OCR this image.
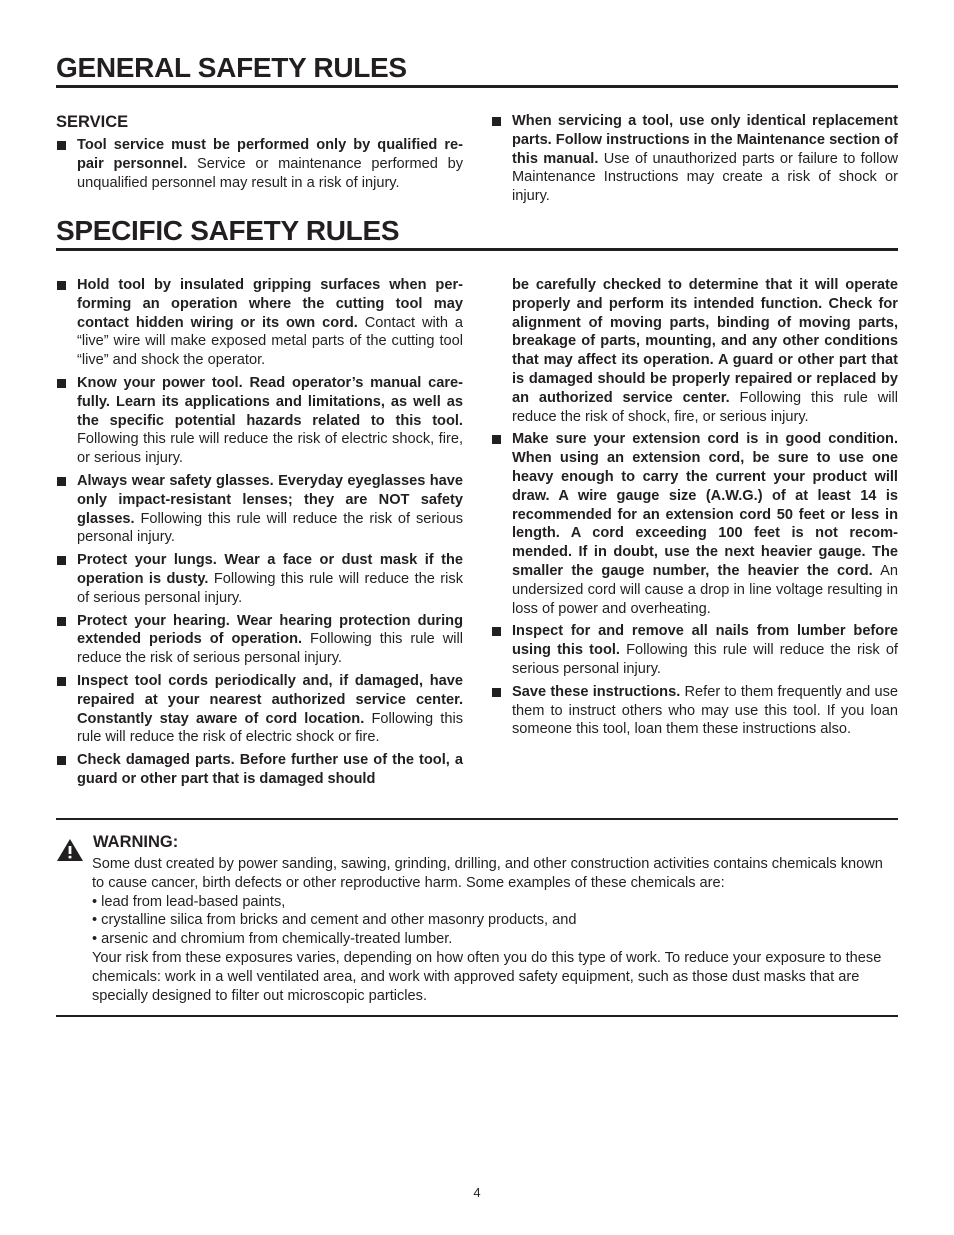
GENERAL SAFETY RULES
SERVICE
Tool service must be performed only by qualified re-pair personnel. Service or maintenance performed by unqualified personnel may result in a risk of injury.
When servicing a tool, use only identical replacement parts. Follow instructions in the Maintenance section of this manual. Use of unauthorized parts or failure to follow Maintenance Instructions may create a risk of shock or injury.
SPECIFIC SAFETY RULES
Hold tool by insulated gripping surfaces when per-forming an operation where the cutting tool may contact hidden wiring or its own cord. Contact with a “live” wire will make exposed metal parts of the cutting tool “live” and shock the operator.
Know your power tool. Read operator’s manual care-fully. Learn its applications and limitations, as well as the specific potential hazards related to this tool. Following this rule will reduce the risk of electric shock, fire, or serious injury.
Always wear safety glasses. Everyday eyeglasses have only impact-resistant lenses; they are NOT safety glasses. Following this rule will reduce the risk of serious personal injury.
Protect your lungs. Wear a face or dust mask if the operation is dusty. Following this rule will reduce the risk of serious personal injury.
Protect your hearing. Wear hearing protection during extended periods of operation. Following this rule will reduce the risk of serious personal injury.
Inspect tool cords periodically and, if damaged, have repaired at your nearest authorized service center. Constantly stay aware of cord location. Following this rule will reduce the risk of electric shock or fire.
Check damaged parts. Before further use of the tool, a guard or other part that is damaged should
be carefully checked to determine that it will operate properly and perform its intended function. Check for alignment of moving parts, binding of moving parts, breakage of parts, mounting, and any other conditions that may affect its operation. A guard or other part that is damaged should be properly repaired or replaced by an authorized service center. Following this rule will reduce the risk of shock, fire, or serious injury.
Make sure your extension cord is in good condition. When using an extension cord, be sure to use one heavy enough to carry the current your product will draw. A wire gauge size (A.W.G.) of at least 14 is recommended for an extension cord 50 feet or less in length. A cord exceeding 100 feet is not recom-mended. If in doubt, use the next heavier gauge. The smaller the gauge number, the heavier the cord. An undersized cord will cause a drop in line voltage resulting in loss of power and overheating.
Inspect for and remove all nails from lumber before using this tool. Following this rule will reduce the risk of serious personal injury.
Save these instructions. Refer to them frequently and use them to instruct others who may use this tool. If you loan someone this tool, loan them these instructions also.
WARNING:

Some dust created by power sanding, sawing, grinding, drilling, and other construction activities contains chemicals known to cause cancer, birth defects or other reproductive harm. Some examples of these chemicals are:

• lead from lead-based paints,

• crystalline silica from bricks and cement and other masonry products, and

• arsenic and chromium from chemically-treated lumber.

Your risk from these exposures varies, depending on how often you do this type of work. To reduce your exposure to these chemicals: work in a well ventilated area, and work with approved safety equipment, such as those dust masks that are specially designed to filter out microscopic particles.

4
